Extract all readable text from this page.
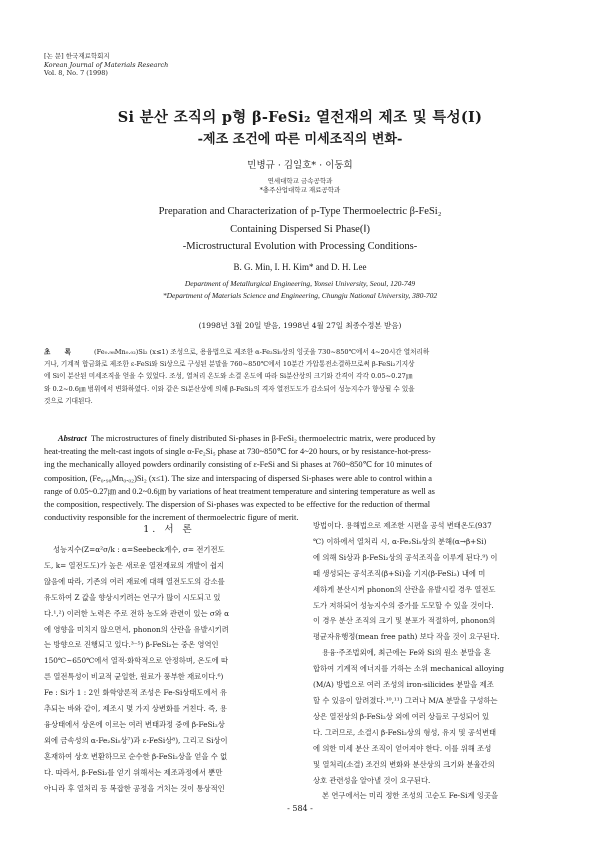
[논 문] 한국재료학회지
Korean Journal of Materials Research
Vol. 8, No. 7 (1998)
Si 분산 조직의 p형 β-FeSi₂ 열전재의 제조 및 특성(Ⅰ)
-제조 조건에 따른 미세조직의 변화-
민병규 · 김일호* · 이동희
연세대학교 금속공학과
*충주산업대학교 재료공학과
Preparation and Characterization of p-Type Thermoelectric β-FeSi₂
Containing Dispersed Si Phase(Ⅰ)
-Microstructural Evolution with Processing Conditions-
B. G. Min, I. H. Kim* and D. H. Lee
Department of Metallurgical Engineering, Yonsei University, Seoul, 120-749
*Department of Materials Science and Engineering, Chungju National University, 380-702
(1998년 3월 20일 받음, 1998년 4월 27일 최종수정본 받음)
초 록	(Fe₀.₉₈Mn₀.₀₂)Si₂ (x≤1) 조성으로, 용융법으로 제조한 α-Fe₂Si₅상의 잉곳을 730~850℃에서 4~20시간 열처리하
거나, 기계적 합금화로 제조한 ε-FeSi와 Si상으로 구성된 분말을 760~850℃에서 10분간 가압통전소결하므로써 β-FeSi₂기지상
에 Si이 분산된 미세조직을 얻을 수 있었다. 조성, 열처리 온도와 소결 온도에 따라 Si분산상의 크기와 간격이 각각 0.05~0.27㎛
와 0.2~0.6㎛ 범위에서 변화하였다. 이와 같은 Si분산상에 의해 β-FeSi₂의 격자 열전도도가 감소되어 성능지수가 향상될 수 있을
것으로 기대된다.
Abstract The microstructures of finely distributed Si-phases in β-FeSi₂ thermoelectric matrix, were produced by
heat-treating the melt-cast ingots of single α-Fe₂Si₅ phase at 730~850℃ for 4~20 hours, or by resistance-hot-press-
ing the mechanically alloyed powders ordinarily consisting of ε-FeSi and Si phases at 760~850℃ for 10 minutes of
composition, (Fe₀.₉₈Mn₀.₀₂)Si₂ (x≤1). The size and interspacing of dispersed Si-phases were able to control within a
range of 0.05~0.27㎛ and 0.2~0.6㎛ by variations of heat treatment temperature and sintering temperature as well as
the composition, respectively. The dispersion of Si-phases was expected to be effective for the reduction of thermal
conductivity responsible for the increment of thermoelectric figure of merit.
1. 서 론
성능지수(Z=α²σ/k : α=Seebeck계수, σ= 전기전도
도, k= 열전도도)가 높은 새로운 열전재료의 개발이 쉽지
않음에 따라, 기존의 여러 재료에 대해 열전도도의 감소를
유도하여 Z 값을 향상시키려는 연구가 많이 시도되고 있
다.¹,²) 이러한 노력은 주로 전하 농도와 관련이 있는 σ와 α
에 영향을 미치지 않으면서, phonon의 산란을 유발시키려
는 방향으로 진행되고 있다.³⁻⁵) β-FeSi₂는 중온 영역인
150℃~650℃에서 열적·화학적으로 안정하며, 온도에 따
른 열전특성이 비교적 균일한, 원료가 풍부한 재료이다.⁶)
Fe : Si가 1 : 2인 화학양론적 조성은 Fe-Si상태도에서 유
추되는 바와 같이, 제조시 몇 가지 상변화를 거친다. 즉, 용
융상태에서 상온에 이르는 여러 변태과정 중에 β-FeSi₂상
외에 금속성의 α-Fe₂Si₅상⁷)과 ε-FeSi상⁸), 그리고 Si상이
혼재하여 상호 변환하므로 순수한 β-FeSi₂상을 얻을 수 없
다. 따라서, β-FeSi₂를 얻기 위해서는 제조과정에서 뿐만
아니라 후 열처리 등 복잡한 공정을 거치는 것이 통상적인
방법이다. 용해법으로 제조한 시편을 공석 변태온도(937
℃) 이하에서 열처리 시, α-Fe₂Si₅상의 분해(α→β+Si)
에 의해 Si상과 β-FeSi₂상의 공석조직을 이루게 된다.⁹) 이
때 생성되는 공석조직(β+Si)을 기지(β-FeSi₂) 내에 미
세하게 분산시켜 phonon의 산란을 유발시킬 경우 열전도
도가 저하되어 성능지수의 증가를 도모할 수 있을 것이다.
이 경우 분산 조직의 크기 및 분포가 적절하여, phonon의
평균자유행정(mean free path) 보다 작을 것이 요구된다.
용융·주조법외에, 최근에는 Fe와 Si의 원소 분말을 혼
합하여 기계적 에너지를 가하는 소위 mechanical alloying
(M/A) 방법으로 여러 조성의 iron-silicides 분말을 제조
할 수 있음이 알려졌다.¹⁰,¹¹) 그러나 M/A 분말을 구성하는
상은 열전상의 β-FeSi₂상 외에 여러 상들로 구성되어 있
다. 그러므로, 소결시 β-FeSi₂상의 형성, 유지 및 공석변태
에 의한 미세 분산 조직이 얻어져야 한다. 이를 위해 조성
및 열처리(소결) 조건의 변화와 분산상의 크기와 분율간의
상호 관련성을 알아낼 것이 요구된다.
본 연구에서는 미리 정한 조성의 고순도 Fe-Si계 잉곳을
- 584 -
